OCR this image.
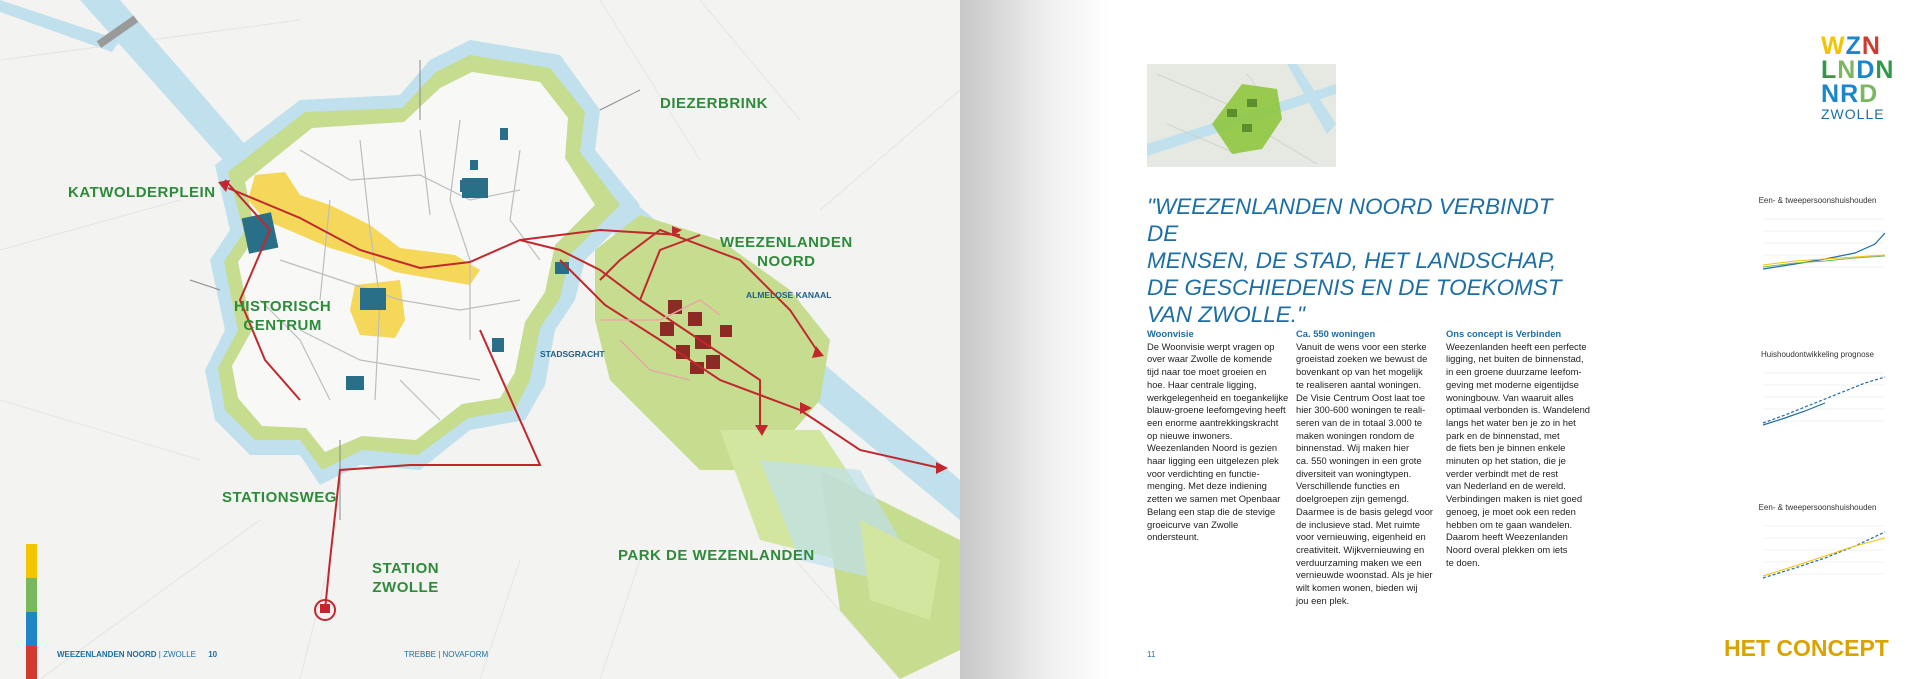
DIEZERBRINK
KATWOLDERPLEIN
WEEZENLANDEN
NOORD
HISTORISCH
CENTRUM
STATIONSWEG
STATION
ZWOLLE
PARK DE WEZENLANDEN
ALMELOSE KANAAL
STADSGRACHT
WEEZENLANDEN NOORD | ZWOLLE 10	TREBBE | NOVAFORM
"WEEZENLANDEN NOORD VERBINDT DE
MENSEN, DE STAD, HET LANDSCHAP,
DE GESCHIEDENIS EN DE TOEKOMST
VAN ZWOLLE."
Woonvisie

De Woonvisie werpt vragen op
over waar Zwolle de komende
tijd naar toe moet groeien en
hoe. Haar centrale ligging,
werkgelegenheid en toegankelijke
blauw-groene leefomgeving heeft
een enorme aantrekkingskracht
op nieuwe inwoners.
Weezenlanden Noord is gezien
haar ligging een uitgelezen plek
voor verdichting en functie-
menging. Met deze indiening
zetten we samen met Openbaar
Belang een stap die de stevige
groeicurve van Zwolle ondersteunt.

Ca. 550 woningen

Vanuit de wens voor een sterke
groeistad zoeken we bewust de
bovenkant op van het mogelijk
te realiseren aantal woningen.
De Visie Centrum Oost laat toe
hier 300-600 woningen te reali-
seren van de in totaal 3.000 te
maken woningen rondom de
binnenstad. Wij maken hier
ca. 550 woningen in een grote
diversiteit van woningtypen.
Verschillende functies en
doelgroepen zijn gemengd.
Daarmee is de basis gelegd voor
de inclusieve stad. Met ruimte
voor vernieuwing, eigenheid en
creativiteit. Wijkvernieuwing en
verduurzaming maken we een
vernieuwde woonstad. Als je hier
wilt komen wonen, bieden wij
jou een plek.

Ons concept is Verbinden

Weezenlanden heeft een perfecte
ligging, net buiten de binnenstad,
in een groene duurzame leefom-
geving met moderne eigentijdse
woningbouw. Van waaruit alles
optimaal verbonden is. Wandelend
langs het water ben je zo in het
park en de binnenstad, met
de fiets ben je binnen enkele
minuten op het station, die je
verder verbindt met de rest
van Nederland en de wereld.
Verbindingen maken is niet goed
genoeg, je moet ook een reden
hebben om te gaan wandelen.
Daarom heeft Weezenlanden
Noord overal plekken om iets
te doen.

WZN
LNDN
NRD
ZWOLLE
Een- & tweepersoonshuishouden
Huishoudontwikkeling prognose
Een- & tweepersoonshuishouden
11	HET CONCEPT
